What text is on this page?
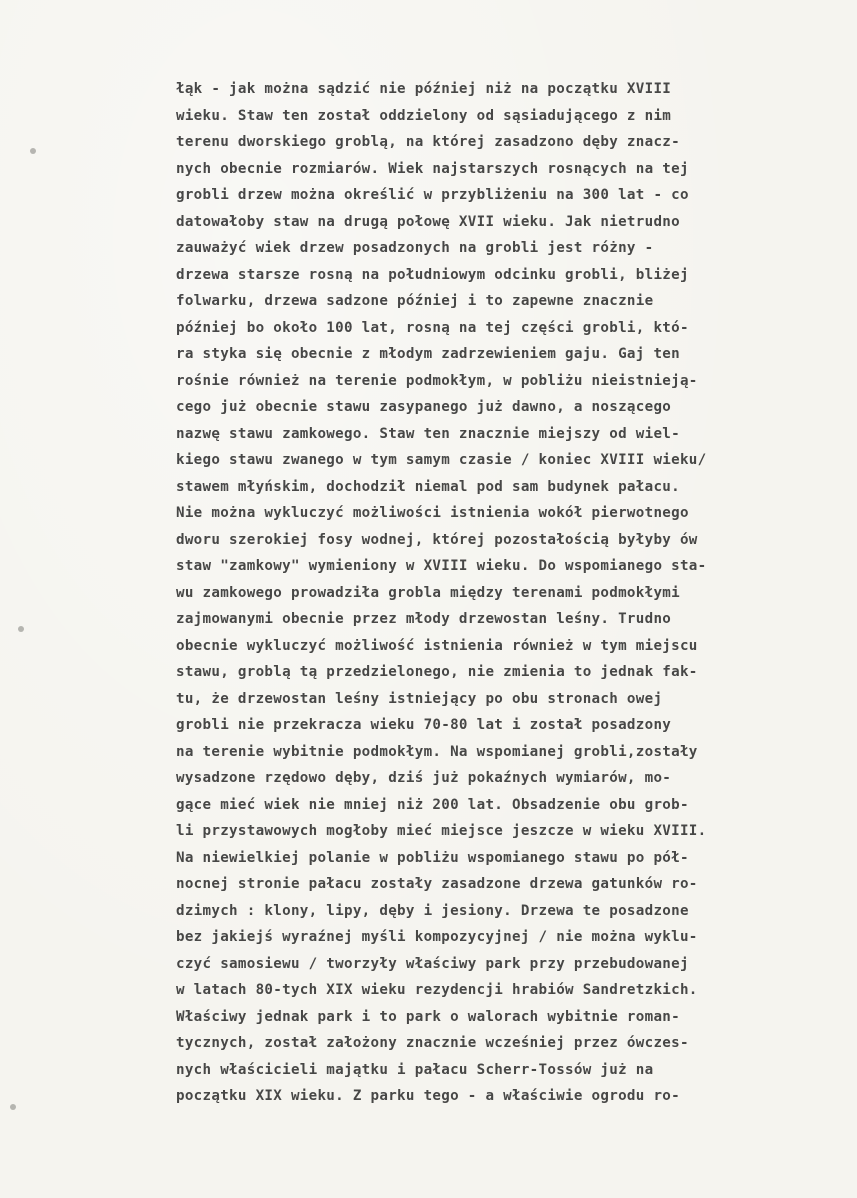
łąk - jak można sądzić nie później niż na początku XVIII
wieku. Staw ten został oddzielony od sąsiadującego z nim
terenu dworskiego groblą, na której zasadzono dęby znacz-
nych obecnie rozmiarów. Wiek najstarszych rosnących na tej
grobli drzew można określić w przybliżeniu na 300 lat - co
datowałoby staw na drugą połowę XVII wieku. Jak nietrudno
zauważyć wiek drzew posadzonych na grobli jest różny -
drzewa starsze rosną na południowym odcinku grobli, bliżej
folwarku, drzewa sadzone później i to zapewne znacznie
później bo około 100 lat, rosną na tej części grobli, któ-
ra styka się obecnie z młodym zadrzewieniem gaju. Gaj ten
rośnie również na terenie podmokłym, w pobliżu nieistnieją-
cego już obecnie stawu zasypanego już dawno, a noszącego
nazwę stawu zamkowego. Staw ten znacznie miejszy od wiel-
kiego stawu zwanego w tym samym czasie / koniec XVIII wieku/
stawem młyńskim, dochodził niemal pod sam budynek pałacu.
Nie można wykluczyć możliwości istnienia wokół pierwotnego
dworu szerokiej fosy wodnej, której pozostałością byłyby ów
staw "zamkowy" wymieniony w XVIII wieku. Do wspomianego sta-
wu zamkowego prowadziła grobla między terenami podmokłymi
zajmowanymi obecnie przez młody drzewostan leśny. Trudno
obecnie wykluczyć możliwość istnienia również w tym miejscu
stawu, groblą tą przedzielonego, nie zmienia to jednak fak-
tu, że drzewostan leśny istniejący po obu stronach owej
grobli nie przekracza wieku 70-80 lat i został posadzony
na terenie wybitnie podmokłym. Na wspomianej grobli,zostały
wysadzone rzędowo dęby, dziś już pokaźnych wymiarów, mo-
gące mieć wiek nie mniej niż 200 lat. Obsadzenie obu grob-
li przystawowych mogłoby mieć miejsce jeszcze w wieku XVIII.
Na niewielkiej polanie w pobliżu wspomianego stawu po pół-
nocnej stronie pałacu zostały zasadzone drzewa gatunków ro-
dzimych : klony, lipy, dęby i jesiony. Drzewa te posadzone
bez jakiejś wyraźnej myśli kompozycyjnej / nie można wyklu-
czyć samosiewu / tworzyły właściwy park przy przebudowanej
w latach 80-tych XIX wieku rezydencji hrabiów Sandretzkich.
Właściwy jednak park i to park o walorach wybitnie roman-
tycznych, został założony znacznie wcześniej przez ówczes-
nych właścicieli majątku i pałacu Scherr-Tossów już na
początku XIX wieku. Z parku tego - a właściwie ogrodu ro-
